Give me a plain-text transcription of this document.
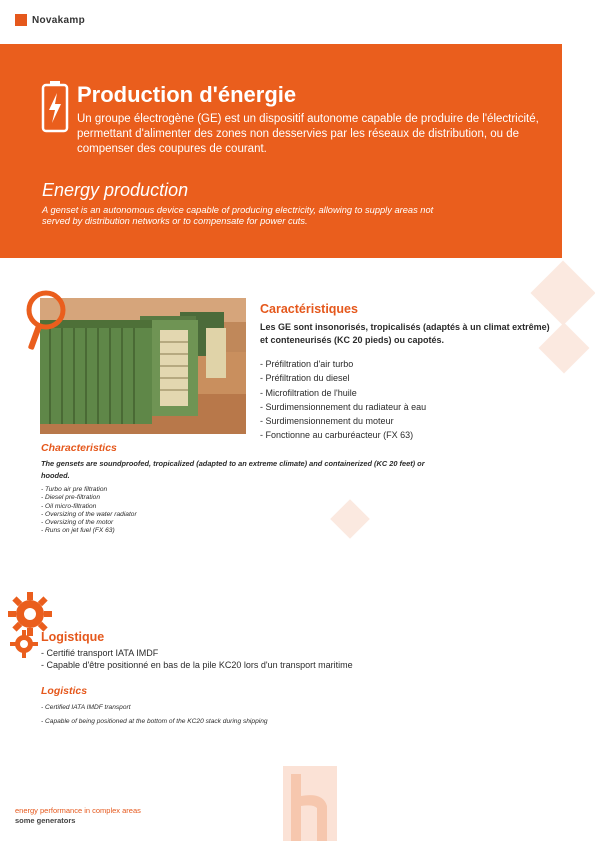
Novakamp
Production d'énergie

Un groupe électrogène (GE) est un dispositif autonome capable de produire de l'électricité, permettant d'alimenter des zones non desservies par les réseaux de distribution, ou de compenser des coupures de courant.

Energy production

A genset is an autonomous device capable of producing electricity, allowing to supply areas not served by distribution networks or to compensate for power cuts.

Caractéristiques

Les GE sont insonorisés, tropicalisés (adaptés à un climat extrême) et conteneurisés (KC 20 pieds) ou capotés.

- Préfiltration d'air turbo
- Préfiltration du diesel
- Microfiltration de l'huile
- Surdimensionnement du radiateur à eau
- Surdimensionnement du moteur
- Fonctionne au carburéacteur (FX 63)
Characteristics

The gensets are soundproofed, tropicalized (adapted to an extreme climate) and containerized (KC 20 feet) or hooded.

- Turbo air pre filtration
- Diesel pre-filtration
- Oil micro-filtration
- Oversizing of the water radiator
- Oversizing of the motor
- Runs on jet fuel (FX 63)
Logistique
- Certifié transport IATA IMDF
- Capable d'être positionné en bas de la pile KC20 lors d'un transport maritime
Logistics
- Certified IATA IMDF transport
- Capable of being positioned at the bottom of the KC20 stack during shipping

energy performance in complex areas

some generators
